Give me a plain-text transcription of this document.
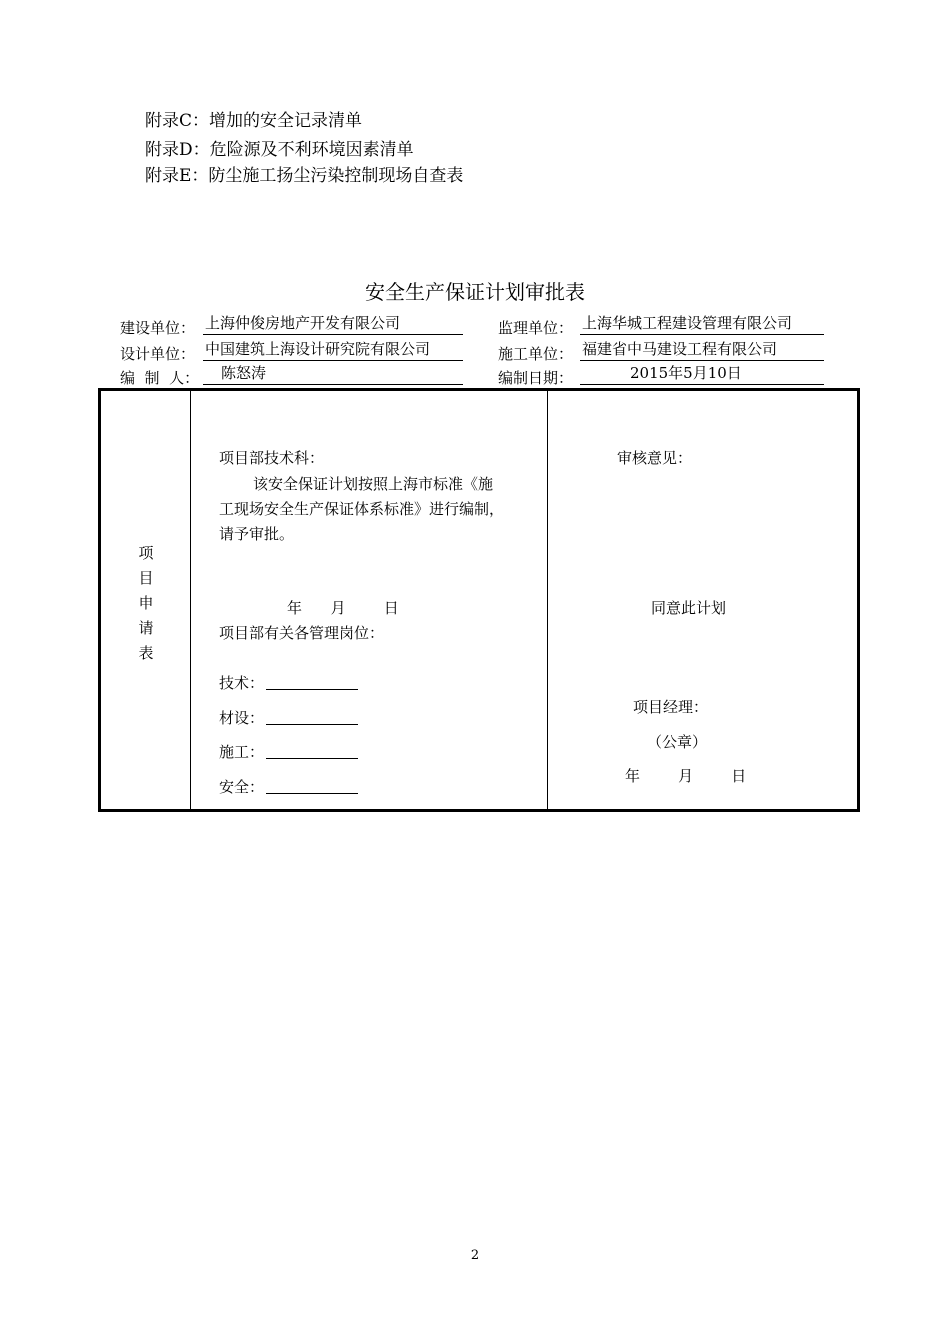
附录C：增加的安全记录清单
附录D：危险源及不利环境因素清单
附录E：防尘施工扬尘污染控制现场自查表
安全生产保证计划审批表
建设单位： 上海仲俊房地产开发有限公司	监理单位： 上海华城工程建设管理有限公司
设计单位： 中国建筑上海设计研究院有限公司	施工单位： 福建省中马建设工程有限公司
编  制  人： 陈怒涛	编制日期：	2015年5月10日
项
目
申
请
表
项目部技术科：
该安全保证计划按照上海市标准《施
工现场安全生产保证体系标准》进行编制，
请予审批。
年      月        日
项目部有关各管理岗位：
技术：
材设：
施工：
安全：
审核意见：
同意此计划
项目经理：
（公章）
年        月        日
2
